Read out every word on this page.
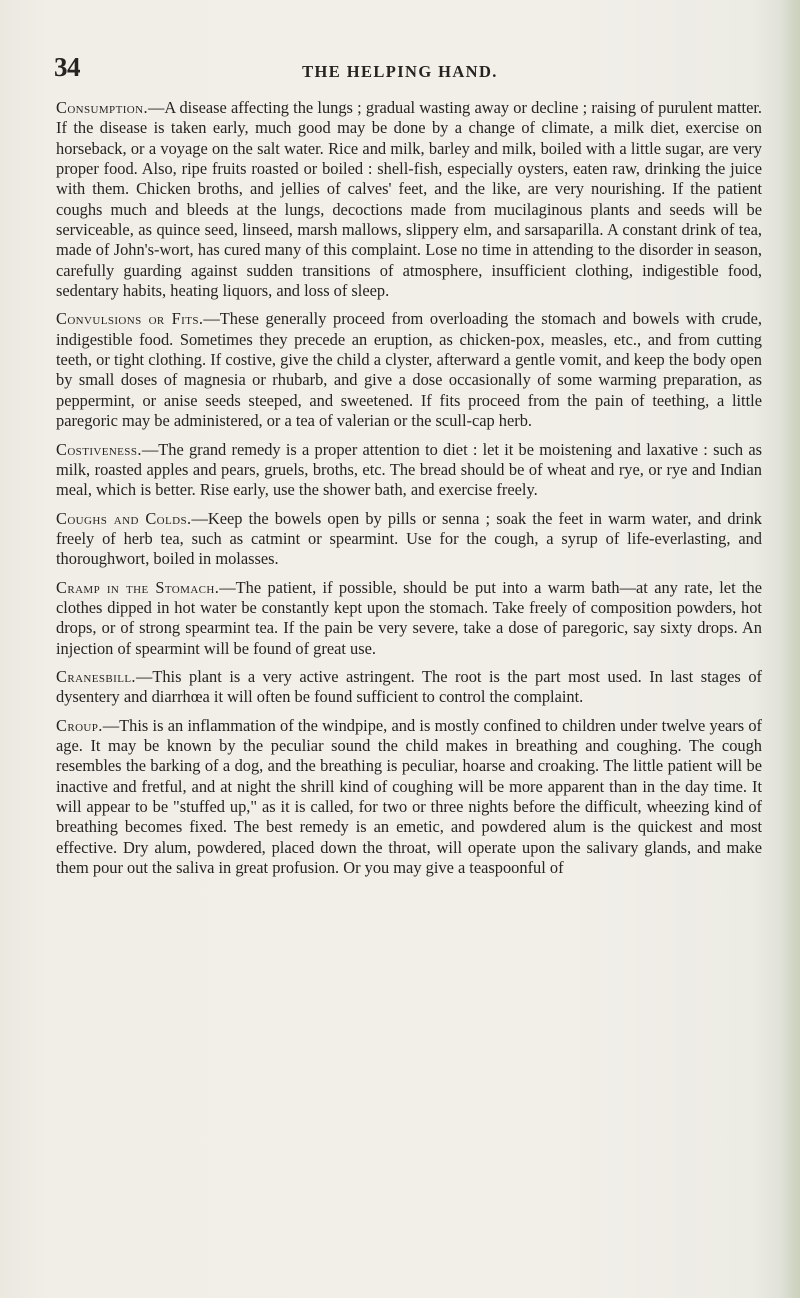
34	THE HELPING HAND.

Consumption.—A disease affecting the lungs ; gradual wasting away or decline ; raising of purulent matter. If the disease is taken early, much good may be done by a change of climate, a milk diet, exercise on horseback, or a voyage on the salt water. Rice and milk, barley and milk, boiled with a little sugar, are very proper food. Also, ripe fruits roasted or boiled : shell-fish, especially oysters, eaten raw, drinking the juice with them. Chicken broths, and jellies of calves' feet, and the like, are very nourishing. If the patient coughs much and bleeds at the lungs, decoctions made from mucilaginous plants and seeds will be serviceable, as quince seed, linseed, marsh mallows, slippery elm, and sarsaparilla. A constant drink of tea, made of John's-wort, has cured many of this complaint. Lose no time in attending to the disorder in season, carefully guarding against sudden transitions of atmosphere, insufficient clothing, indigestible food, sedentary habits, heating liquors, and loss of sleep.

Convulsions or Fits.—These generally proceed from overloading the stomach and bowels with crude, indigestible food. Sometimes they precede an eruption, as chicken-pox, measles, etc., and from cutting teeth, or tight clothing. If costive, give the child a clyster, afterward a gentle vomit, and keep the body open by small doses of magnesia or rhubarb, and give a dose occasionally of some warming preparation, as peppermint, or anise seeds steeped, and sweetened. If fits proceed from the pain of teething, a little paregoric may be administered, or a tea of valerian or the scull-cap herb.

Costiveness.—The grand remedy is a proper attention to diet : let it be moistening and laxative : such as milk, roasted apples and pears, gruels, broths, etc. The bread should be of wheat and rye, or rye and Indian meal, which is better. Rise early, use the shower bath, and exercise freely.

Coughs and Colds.—Keep the bowels open by pills or senna ; soak the feet in warm water, and drink freely of herb tea, such as catmint or spearmint. Use for the cough, a syrup of life-everlasting, and thoroughwort, boiled in molasses.

Cramp in the Stomach.—The patient, if possible, should be put into a warm bath—at any rate, let the clothes dipped in hot water be constantly kept upon the stomach. Take freely of composition powders, hot drops, or of strong spearmint tea. If the pain be very severe, take a dose of paregoric, say sixty drops. An injection of spearmint will be found of great use.

Cranesbill.—This plant is a very active astringent. The root is the part most used. In last stages of dysentery and diarrhœa it will often be found sufficient to control the complaint.

Croup.—This is an inflammation of the windpipe, and is mostly confined to children under twelve years of age. It may be known by the peculiar sound the child makes in breathing and coughing. The cough resembles the barking of a dog, and the breathing is peculiar, hoarse and croaking. The little patient will be inactive and fretful, and at night the shrill kind of coughing will be more apparent than in the day time. It will appear to be "stuffed up," as it is called, for two or three nights before the difficult, wheezing kind of breathing becomes fixed. The best remedy is an emetic, and powdered alum is the quickest and most effective. Dry alum, powdered, placed down the throat, will operate upon the salivary glands, and make them pour out the saliva in great profusion. Or you may give a teaspoonful of
